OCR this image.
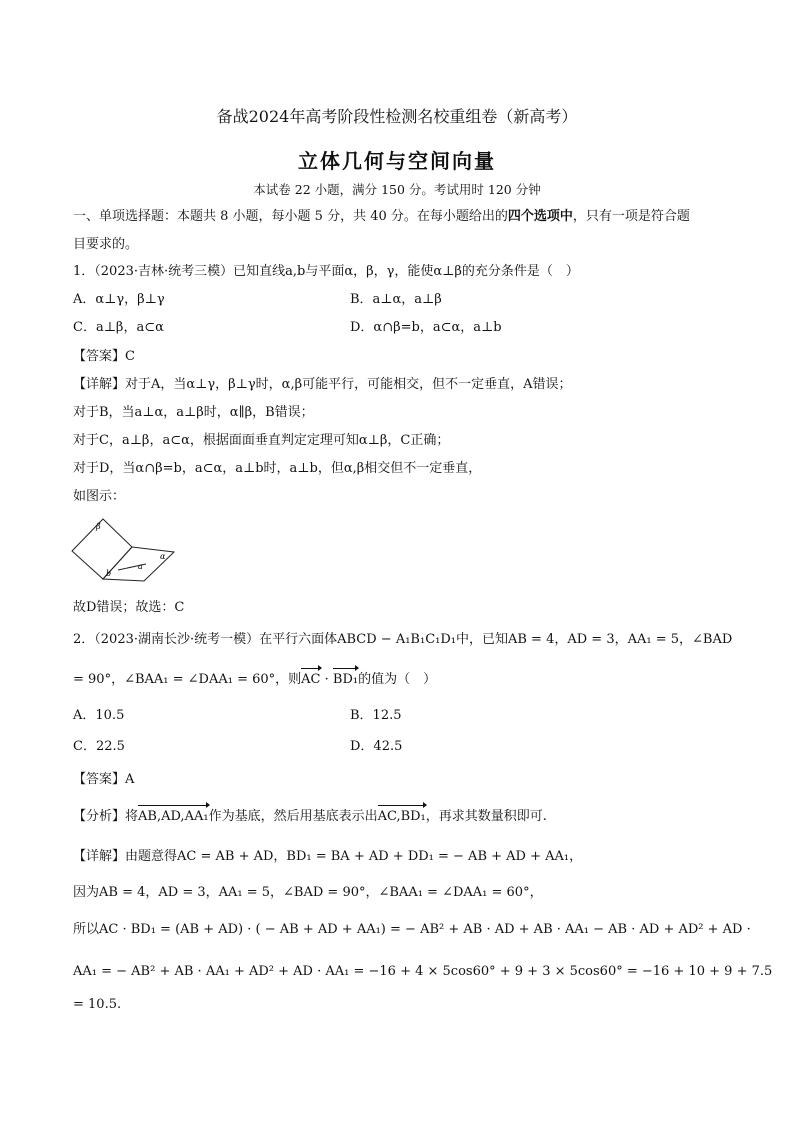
备战2024年高考阶段性检测名校重组卷（新高考）
立体几何与空间向量
本试卷 22 小题，满分 150 分。考试用时 120 分钟
一、单项选择题：本题共 8 小题，每小题 5 分，共 40 分。在每小题给出的四个选项中，只有一项是符合题
目要求的。
1．（2023·吉林·统考三模）已知直线a,b与平面α，β，γ，能使α⊥β的充分条件是（　）
A．α⊥γ，β⊥γ	B．a⊥α，a⊥β
C．a⊥β，a⊂α	D．α∩β=b，a⊂α，a⊥b
【答案】C
【详解】对于A，当α⊥γ，β⊥γ时，α,β可能平行，可能相交，但不一定垂直，A错误；
对于B，当a⊥α，a⊥β时，α∥β，B错误；
对于C，a⊥β，a⊂α，根据面面垂直判定定理可知α⊥β，C正确；
对于D，当α∩β=b，a⊂α，a⊥b时，a⊥b，但α,β相交但不一定垂直，
如图示：
β
α
a
b
故D错误；故选：C
2．（2023·湖南长沙·统考一模）在平行六面体ABCD − A₁B₁C₁D₁中，已知AB = 4，AD = 3，AA₁ = 5，∠BAD
= 90°，∠BAA₁ = ∠DAA₁ = 60°，则AC · BD₁的值为（　）
A．10.5	B．12.5
C．22.5	D．42.5
【答案】A
【分析】将AB,AD,AA₁作为基底，然后用基底表示出AC,BD₁，再求其数量积即可.
【详解】由题意得AC = AB + AD，BD₁ = BA + AD + DD₁ = − AB + AD + AA₁，
因为AB = 4，AD = 3，AA₁ = 5，∠BAD = 90°，∠BAA₁ = ∠DAA₁ = 60°，
所以AC · BD₁ = (AB + AD) · ( − AB + AD + AA₁) = − AB² + AB · AD + AB · AA₁ − AB · AD + AD² + AD ·
AA₁ = − AB² + AB · AA₁ + AD² + AD · AA₁ = −16 + 4 × 5cos60° + 9 + 3 × 5cos60° = −16 + 10 + 9 + 7.5
= 10.5.
